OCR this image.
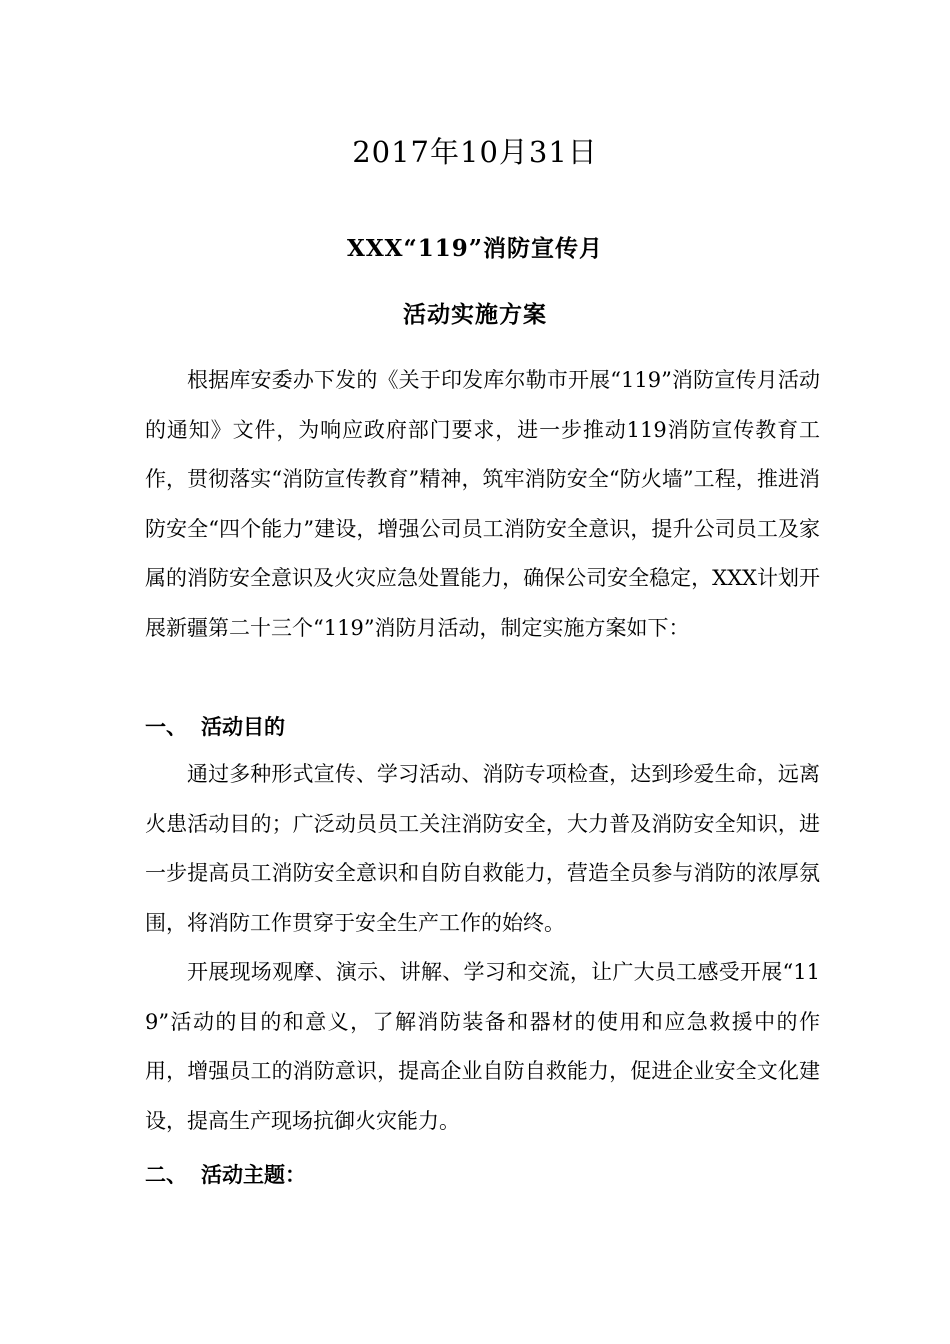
2017年10月31日
XXX“119”消防宣传月
活动实施方案

根据库安委办下发的《关于印发库尔勒市开展“119”消防宣传月活动的通知》文件，为响应政府部门要求，进一步推动119消防宣传教育工作，贯彻落实“消防宣传教育”精神，筑牢消防安全“防火墙”工程，推进消防安全“四个能力”建设，增强公司员工消防安全意识，提升公司员工及家属的消防安全意识及火灾应急处置能力，确保公司安全稳定，XXX计划开展新疆第二十三个“119”消防月活动，制定实施方案如下：

一、 活动目的

通过多种形式宣传、学习活动、消防专项检查，达到珍爱生命，远离火患活动目的；广泛动员员工关注消防安全，大力普及消防安全知识，进一步提高员工消防安全意识和自防自救能力，营造全员参与消防的浓厚氛围，将消防工作贯穿于安全生产工作的始终。

开展现场观摩、演示、讲解、学习和交流，让广大员工感受开展“119”活动的目的和意义，了解消防装备和器材的使用和应急救援中的作用，增强员工的消防意识，提高企业自防自救能力，促进企业安全文化建设，提高生产现场抗御火灾能力。

二、 活动主题：
